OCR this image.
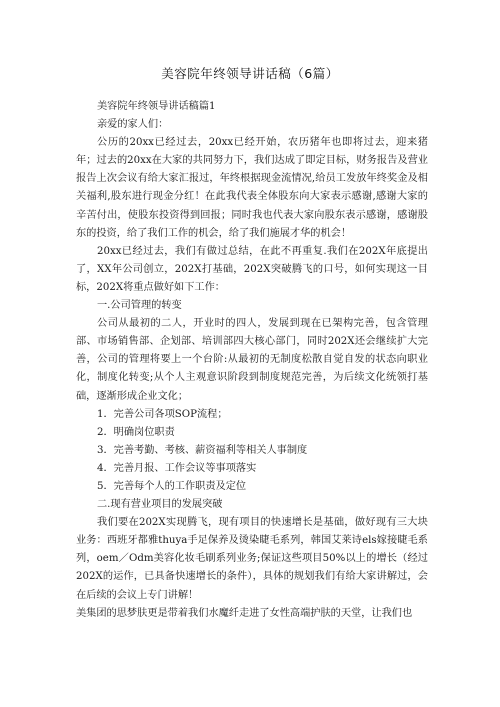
美容院年终领导讲话稿（6篇）

美容院年终领导讲话稿篇1

亲爱的家人们：

公历的20xx已经过去，20xx已经开始，农历猪年也即将过去，迎来猪年；过去的20xx在大家的共同努力下，我们达成了即定目标，财务报告及营业报告上次会议有给大家汇报过，年终根据现金流情况,给员工发放年终奖金及相关福利,股东进行现金分红！在此我代表全体股东向大家表示感谢,感谢大家的辛苦付出，使股东投资得到回报；同时我也代表大家向股东表示感谢，感谢股东的投资，给了我们工作的机会，给了我们施展才华的机会！

20xx已经过去，我们有做过总结，在此不再重复.我们在202X年底提出了，XX年公司创立，202X打基础，202X突破腾飞的口号，如何实现这一目标，202X将重点做好如下工作：

一.公司管理的转变

公司从最初的二人，开业时的四人，发展到现在已架构完善，包含管理部、市场销售部、企划部、培训部四大核心部门，同时202X还会继续扩大完善，公司的管理将要上一个台阶:从最初的无制度松散自觉自发的状态向职业化，制度化转变;从个人主观意识阶段到制度规范完善，为后续文化统领打基础，逐渐形成企业文化；

1．完善公司各项SOP流程；

2．明确岗位职责

3．完善考勤、考核、薪资福利等相关人事制度

4．完善月报、工作会议等事项落实

5．完善每个人的工作职责及定位

二.现有营业项目的发展突破

我们要在202X实现腾飞，现有项目的快速增长是基础，做好现有三大块业务：西班牙都雅thuya手足保养及烫染睫毛系列，韩国艾莱诗els嫁接睫毛系列，oem／Odm美容化妆毛刷系列业务;保证这些项目50%以上的增长（经过202X的运作，已具备快速增长的条件），具体的规划我们有给大家讲解过，会在后续的会议上专门讲解！

美集团的思梦肤更是带着我们水魔纤走进了女性高端护肤的天堂，让我们也
